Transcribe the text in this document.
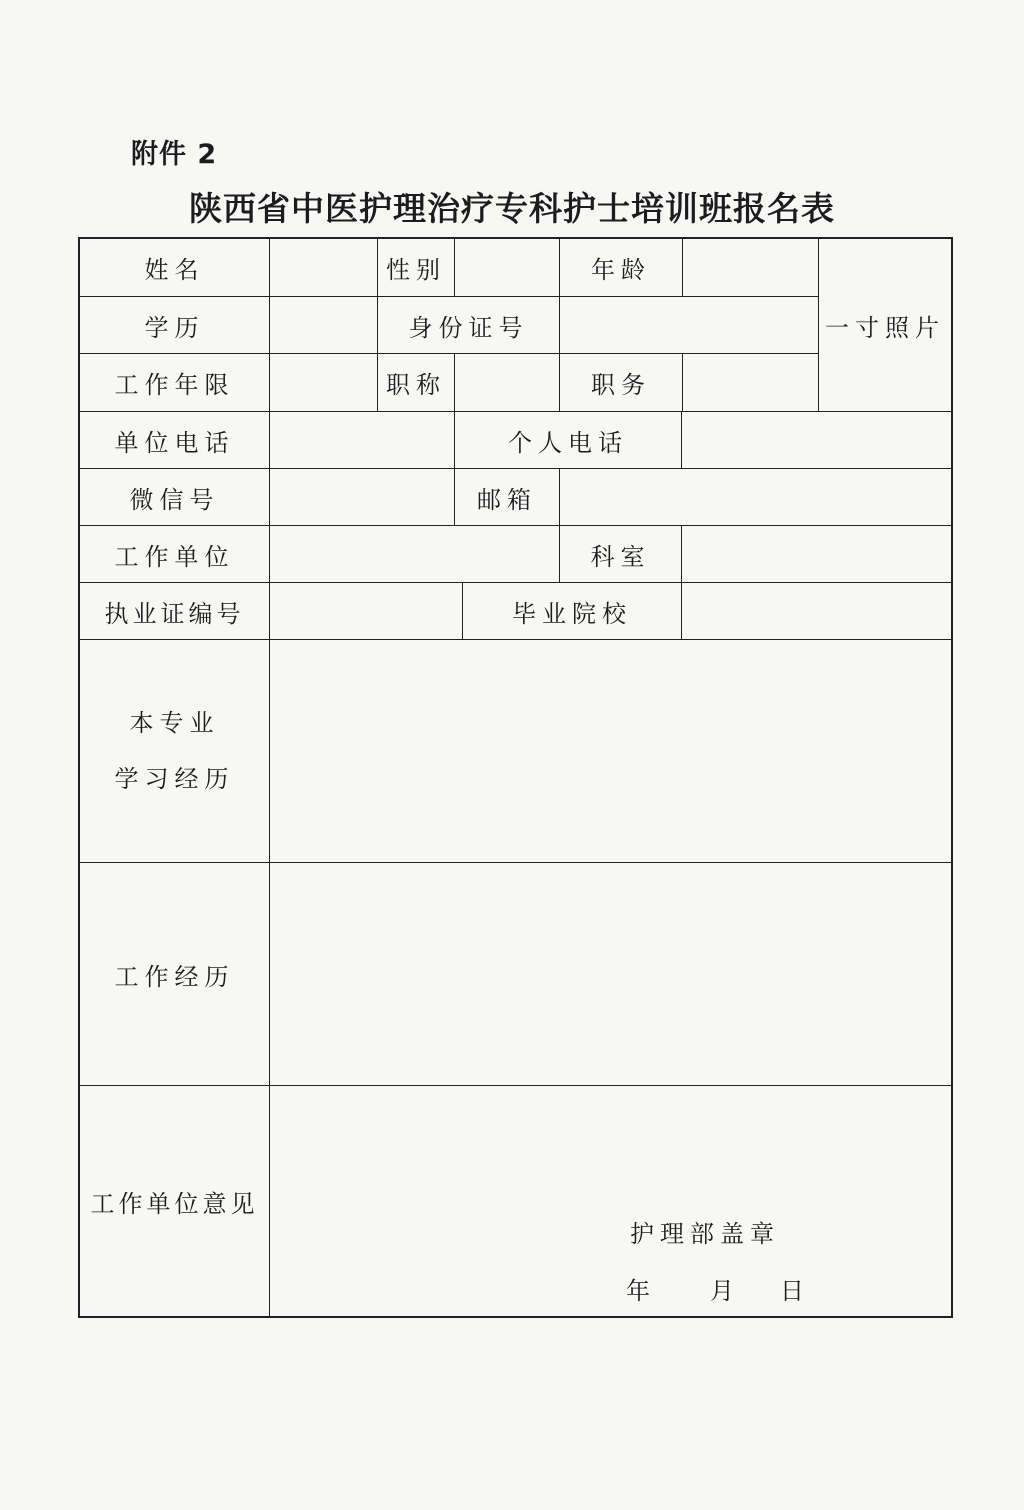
附件 2
陕西省中医护理治疗专科护士培训班报名表
姓名	性别	年龄
一寸照片
学历	身份证号
工作年限	职称	职务
单位电话	个人电话
微信号	邮箱
工作单位	科室
执业证编号	毕业院校
本专业
学习经历
工作经历
工作单位意见
护理部盖章
年	月	日
